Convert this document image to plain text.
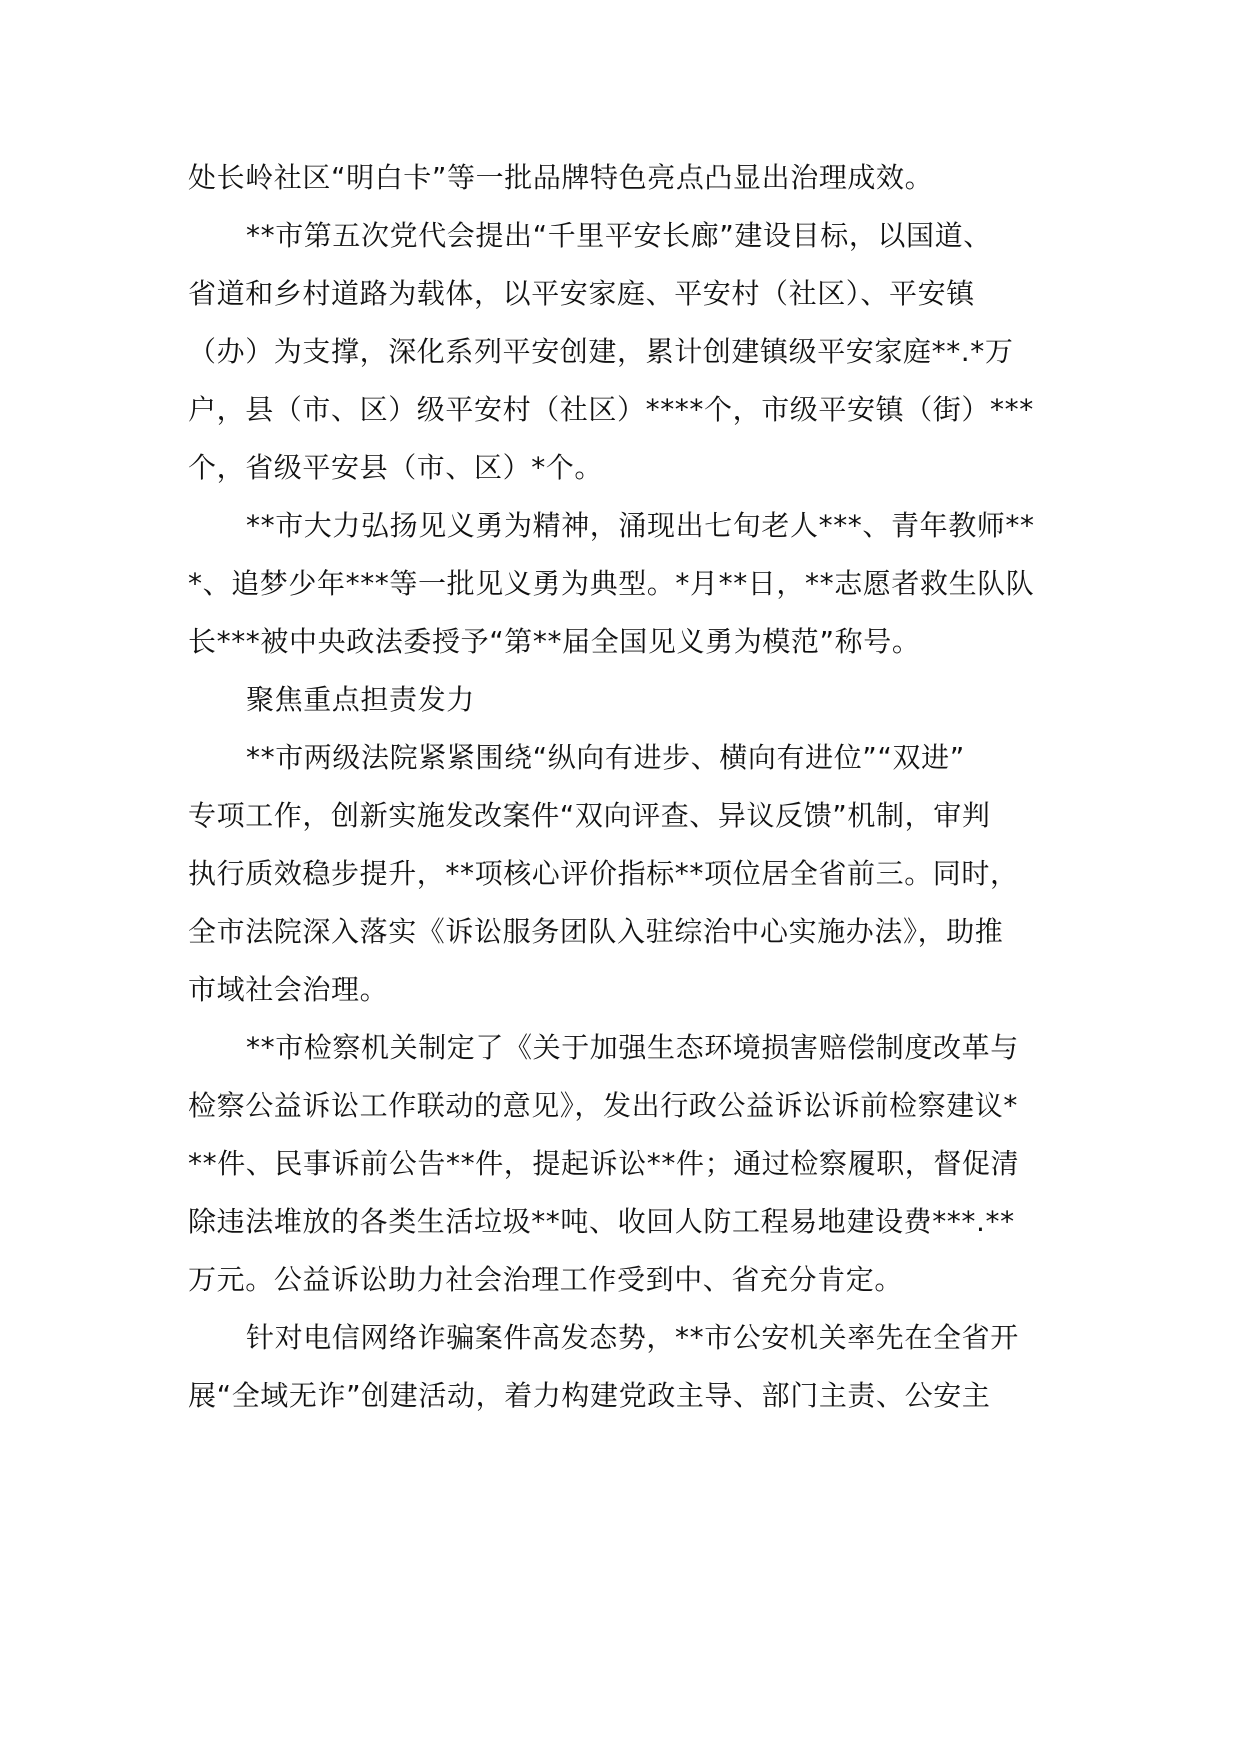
处长岭社区“明白卡”等一批品牌特色亮点凸显出治理成效。
**市第五次党代会提出“千里平安长廊”建设目标，以国道、
省道和乡村道路为载体，以平安家庭、平安村（社区）、平安镇
（办）为支撑，深化系列平安创建，累计创建镇级平安家庭**.*万
户，县（市、区）级平安村（社区）****个，市级平安镇（街）***
个，省级平安县（市、区）*个。
**市大力弘扬见义勇为精神，涌现出七旬老人***、青年教师**
*、追梦少年***等一批见义勇为典型。*月**日，**志愿者救生队队
长***被中央政法委授予“第**届全国见义勇为模范”称号。
聚焦重点担责发力
**市两级法院紧紧围绕“纵向有进步、横向有进位”“双进”
专项工作，创新实施发改案件“双向评查、异议反馈”机制，审判
执行质效稳步提升，**项核心评价指标**项位居全省前三。同时，
全市法院深入落实《诉讼服务团队入驻综治中心实施办法》，助推
市域社会治理。
**市检察机关制定了《关于加强生态环境损害赔偿制度改革与
检察公益诉讼工作联动的意见》，发出行政公益诉讼诉前检察建议*
**件、民事诉前公告**件，提起诉讼**件；通过检察履职，督促清
除违法堆放的各类生活垃圾**吨、收回人防工程易地建设费***.**
万元。公益诉讼助力社会治理工作受到中、省充分肯定。
针对电信网络诈骗案件高发态势，**市公安机关率先在全省开
展“全域无诈”创建活动，着力构建党政主导、部门主责、公安主
